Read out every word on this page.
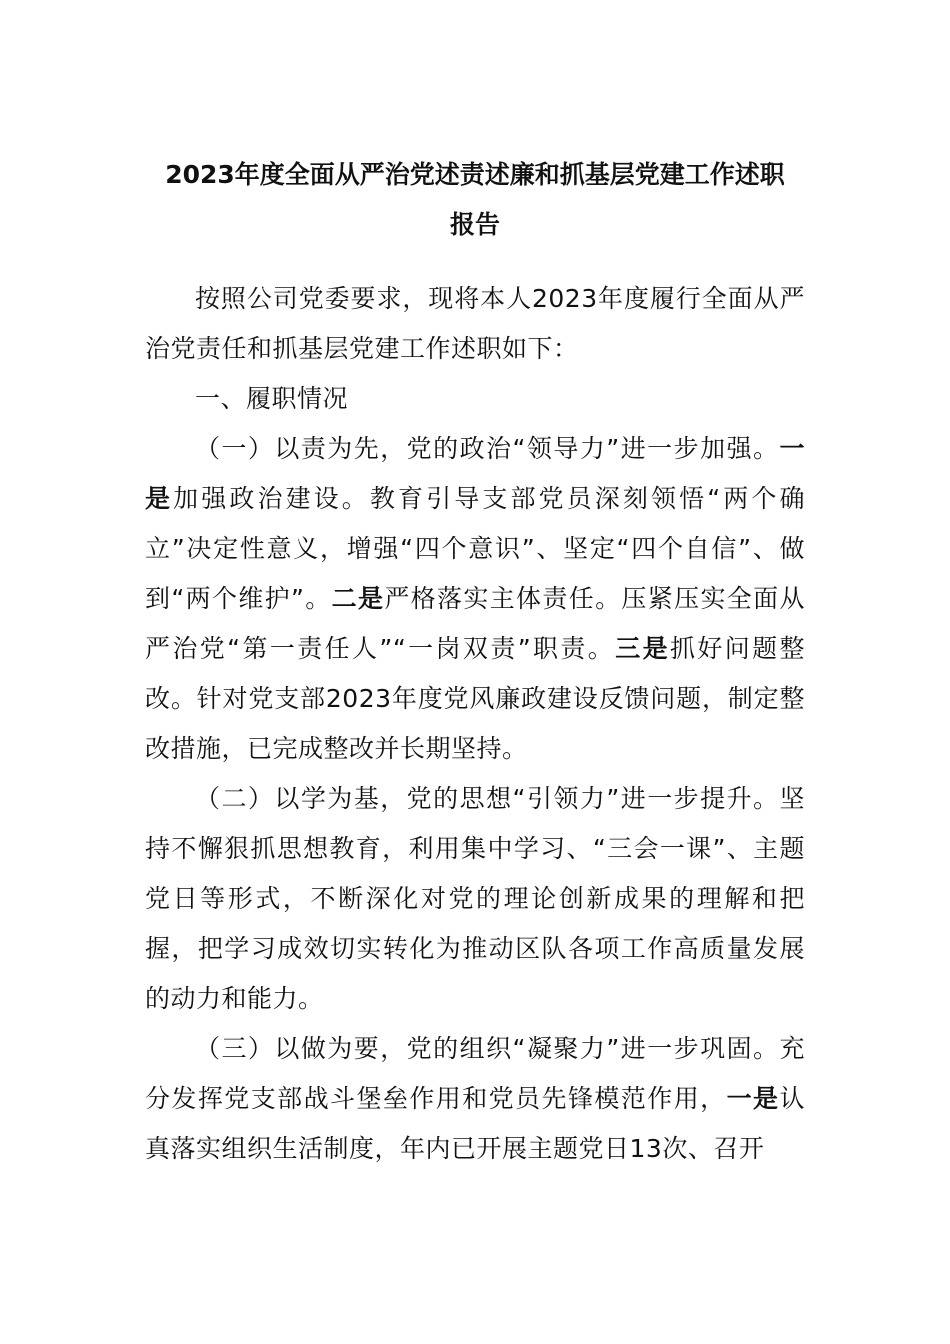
2023年度全面从严治党述责述廉和抓基层党建工作述职

报告

按照公司党委要求，现将本人2023年度履行全面从严治党责任和抓基层党建工作述职如下：

一、履职情况

（一）以责为先，党的政治“领导力”进一步加强。一是加强政治建设。教育引导支部党员深刻领悟“两个确立”决定性意义，增强“四个意识”、坚定“四个自信”、做到“两个维护”。二是严格落实主体责任。压紧压实全面从严治党“第一责任人”“一岗双责”职责。三是抓好问题整改。针对党支部2023年度党风廉政建设反馈问题，制定整改措施，已完成整改并长期坚持。

（二）以学为基，党的思想“引领力”进一步提升。坚持不懈狠抓思想教育，利用集中学习、“三会一课”、主题党日等形式，不断深化对党的理论创新成果的理解和把握，把学习成效切实转化为推动区队各项工作高质量发展的动力和能力。

（三）以做为要，党的组织“凝聚力”进一步巩固。充分发挥党支部战斗堡垒作用和党员先锋模范作用，一是认真落实组织生活制度，年内已开展主题党日13次、召开
